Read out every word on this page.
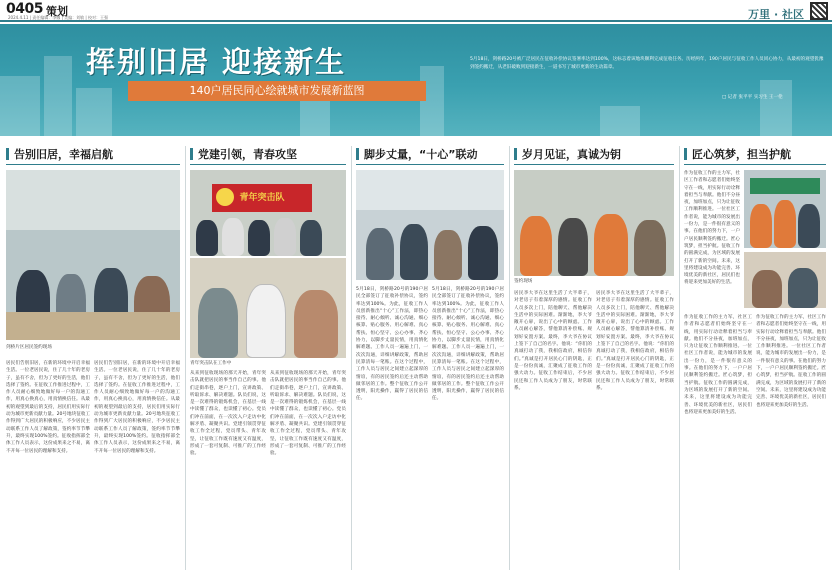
0405 策划
2024.4.11 | 责任编辑：李娜 | 美编：刘敏 | 校对：王强	万里 · 社区
挥别旧居 迎接新生
140户居民同心绘就城市发展新蓝图
5月18日，剑桥路20号被广泛居民在征收补偿协议签署率达到100%，这标志着该地块顺利完成征收任务。历经两年，190户居民与征收工作人员同心协力，从最初的观望犹豫到签约搬迁，从老旧破败到迎接新生，一道书写了城市更新的生动篇章。
□ 记者 张平平 实习生 王一伦
告别旧居，幸福启航	党建引领，青春攻坚	脚步丈量，“十心”联动	岁月见证，真诚为钥	匠心筑梦，担当护航
剑桥片区居民签约现场
居民们告别旧居，在新的环境中开启幸福生活。一位老居民说，住了几十年的老房子，虽有不舍，但为了更好的生活，他们选择了签约。在征收工作推进过程中，工作人员耐心细致地做好每一户的沟通工作，用真心换真心，用真情换信任。从最初的观望到最后的支持，居民们用实际行动为城市更新贡献力量。20号地块征收工作得到广大居民的积极响应，不少居民主动联系工作人员了解政策，签约率节节攀升，最终实现100%签约。征收指挥部全体工作人员表示，这份成果来之不易，离不开每一位居民的理解和支持。
居民们告别旧居，在新的环境中开启幸福生活。一位老居民说，住了几十年的老房子，虽有不舍，但为了更好的生活，他们选择了签约。在征收工作推进过程中，工作人员耐心细致地做好每一户的沟通工作，用真心换真心，用真情换信任。从最初的观望到最后的支持，居民们用实际行动为城市更新贡献力量。20号地块征收工作得到广大居民的积极响应，不少居民主动联系工作人员了解政策，签约率节节攀升，最终实现100%签约。征收指挥部全体工作人员表示，这份成果来之不易，离不开每一位居民的理解和支持。
青年突击队
青年突击队在工作中
从来到征收现场的那天开始，青年突击队就把居民的事当作自己的事。他们走街串巷，逐户上门，宣讲政策、听取诉求、解决难题。队员们说，这是一次难得的锻炼机会，在基层一线中读懂了群众，也读懂了初心。党员们冲在前面，在一次次入户走访中化解矛盾、凝聚共识。党建引领贯穿征收工作全过程，党员带头、青年攻坚，让征收工作既有速度又有温度，形成了一套可复制、可推广的工作经验。
从来到征收现场的那天开始，青年突击队就把居民的事当作自己的事。他们走街串巷，逐户上门，宣讲政策、听取诉求、解决难题。队员们说，这是一次难得的锻炼机会，在基层一线中读懂了群众，也读懂了初心。党员们冲在前面，在一次次入户走访中化解矛盾、凝聚共识。党建引领贯穿征收工作全过程，党员带头、青年攻坚，让征收工作既有速度又有温度，形成了一套可复制、可推广的工作经验。
5月18日，剑桥路20号的190户居民全部签订了征收补偿协议，签约率达到100%。为此，征收工作人员创新推出“十心”工作法，即热心接待、耐心倾听、诚心沟通、细心核算、贴心服务、用心解难、真心帮扶、恒心坚守、公心办事、齐心协力，以脚步丈量民情，用真情化解难题。工作人员一遍遍上门，一次次沟通，详细讲解政策，帮助居民算清每一笔账。在这个过程中，工作人员与居民之间建立起深厚的情谊，有的居民签约后还主动帮助做邻居的工作。整个征收工作公开透明，阳光操作，赢得了居民的信任。
5月18日，剑桥路20号的190户居民全部签订了征收补偿协议，签约率达到100%。为此，征收工作人员创新推出“十心”工作法，即热心接待、耐心倾听、诚心沟通、细心核算、贴心服务、用心解难、真心帮扶、恒心坚守、公心办事、齐心协力，以脚步丈量民情，用真情化解难题。工作人员一遍遍上门，一次次沟通，详细讲解政策，帮助居民算清每一笔账。在这个过程中，工作人员与居民之间建立起深厚的情谊，有的居民签约后还主动帮助做邻居的工作。整个征收工作公开透明，阳光操作，赢得了居民的信任。
签约现场
居民李大爷在这里生活了大半辈子，对老房子有着深厚的感情。征收工作人员多次上门，陪他聊天、帮他解决生活中的实际困难。渐渐地，李大爷敞开心扉，说出了心中的顾虑。工作人员耐心解答，帮他算清补偿账、规划好安置方案。最终，李大爷在协议上签下了自己的名字。他说：“你们的真诚打动了我，我相信政府，相信你们。”真诚是打开居民心门的钥匙，正是一份份真诚，汇聚成了征收工作的强大动力。征收工作结束后，不少居民还和工作人员成为了朋友，时常联系。
居民李大爷在这里生活了大半辈子，对老房子有着深厚的感情。征收工作人员多次上门，陪他聊天、帮他解决生活中的实际困难。渐渐地，李大爷敞开心扉，说出了心中的顾虑。工作人员耐心解答，帮他算清补偿账、规划好安置方案。最终，李大爷在协议上签下了自己的名字。他说：“你们的真诚打动了我，我相信政府，相信你们。”真诚是打开居民心门的钥匙，正是一份份真诚，汇聚成了征收工作的强大动力。征收工作结束后，不少居民还和工作人员成为了朋友，时常联系。
作为征收工作的主力军，社区工作者和志愿者们始终坚守在一线，用实际行动诠释着担当与奉献。他们不分昼夜，加班加点，只为让征收工作顺利推进。一位社区工作者说，能为城市的发展出一份力，是一件很有意义的事。在他们的努力下，一户户居民顺利签约搬迁。匠心筑梦，担当护航。征收工作的圆满完成，为区域的发展打开了新的空间。未来，这里将建设成为功能完善、环境优美的新社区，居民们也将迎来更加美好的生活。
作为征收工作的主力军，社区工作者和志愿者们始终坚守在一线，用实际行动诠释着担当与奉献。他们不分昼夜，加班加点，只为让征收工作顺利推进。一位社区工作者说，能为城市的发展出一份力，是一件很有意义的事。在他们的努力下，一户户居民顺利签约搬迁。匠心筑梦，担当护航。征收工作的圆满完成，为区域的发展打开了新的空间。未来，这里将建设成为功能完善、环境优美的新社区，居民们也将迎来更加美好的生活。
作为征收工作的主力军，社区工作者和志愿者们始终坚守在一线，用实际行动诠释着担当与奉献。他们不分昼夜，加班加点，只为让征收工作顺利推进。一位社区工作者说，能为城市的发展出一份力，是一件很有意义的事。在他们的努力下，一户户居民顺利签约搬迁。匠心筑梦，担当护航。征收工作的圆满完成，为区域的发展打开了新的空间。未来，这里将建设成为功能完善、环境优美的新社区，居民们也将迎来更加美好的生活。
